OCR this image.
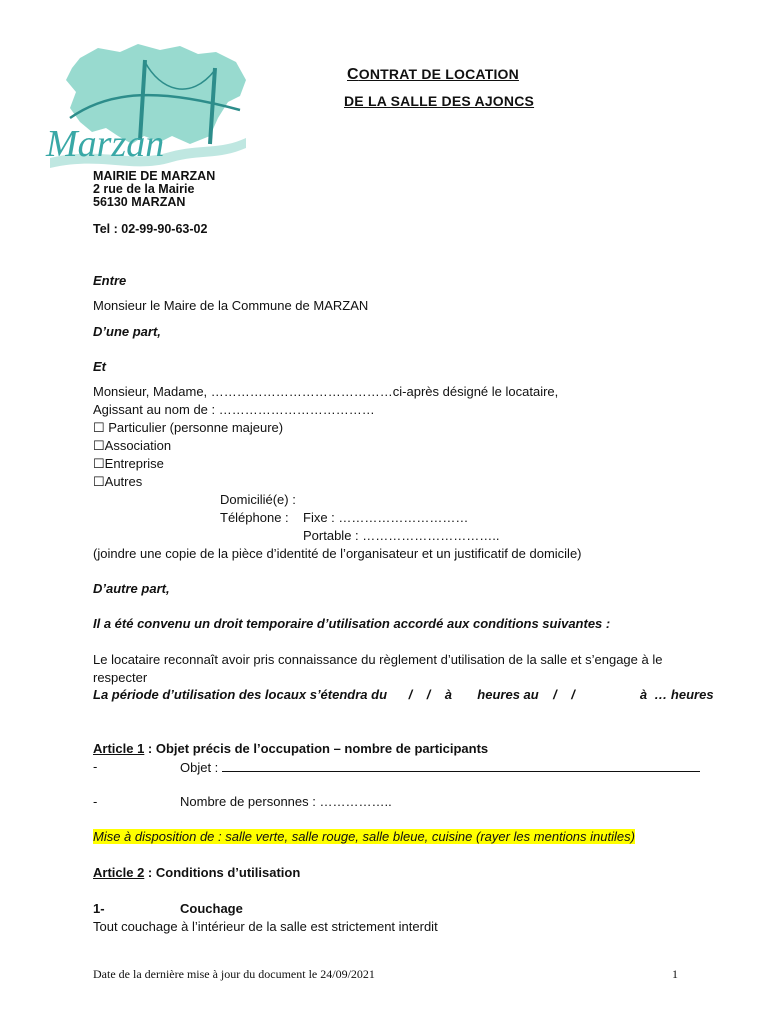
Marzan
CONTRAT DE LOCATION
DE LA SALLE DES AJONCS
MAIRIE DE MARZAN
2 rue de la Mairie
56130 MARZAN
Tel : 02-99-90-63-02
Entre
Monsieur le Maire de la Commune de MARZAN
D’une part,
Et
Monsieur, Madame, ……………………………………ci-après désigné le locataire,
Agissant au nom de : ………………………………
☐ Particulier (personne majeure)
☐Association
☐Entreprise
☐Autres
Domicilié(e) :
Téléphone : Fixe : …………………………
Portable : …………………………..
(joindre une copie de la pièce d’identité de l’organisateur et un justificatif de domicile)
D’autre part,
Il a été convenu un droit temporaire d’utilisation accordé aux conditions suivantes :
Le locataire reconnaît avoir pris connaissance du règlement d’utilisation de la salle et s’engage à le
respecter
La période d’utilisation des locaux s’étendra du      /    /    à       heures au    /    /                  à  … heures
Article 1 : Objet précis de l’occupation – nombre de participants
-	Objet :
-	Nombre de personnes : ……………..
Mise à disposition de : salle verte, salle rouge, salle bleue, cuisine (rayer les mentions inutiles)
Article 2 : Conditions d’utilisation
1-	Couchage
Tout couchage à l’intérieur de la salle est strictement interdit
Date de la dernière mise à jour du document le 24/09/2021	1
